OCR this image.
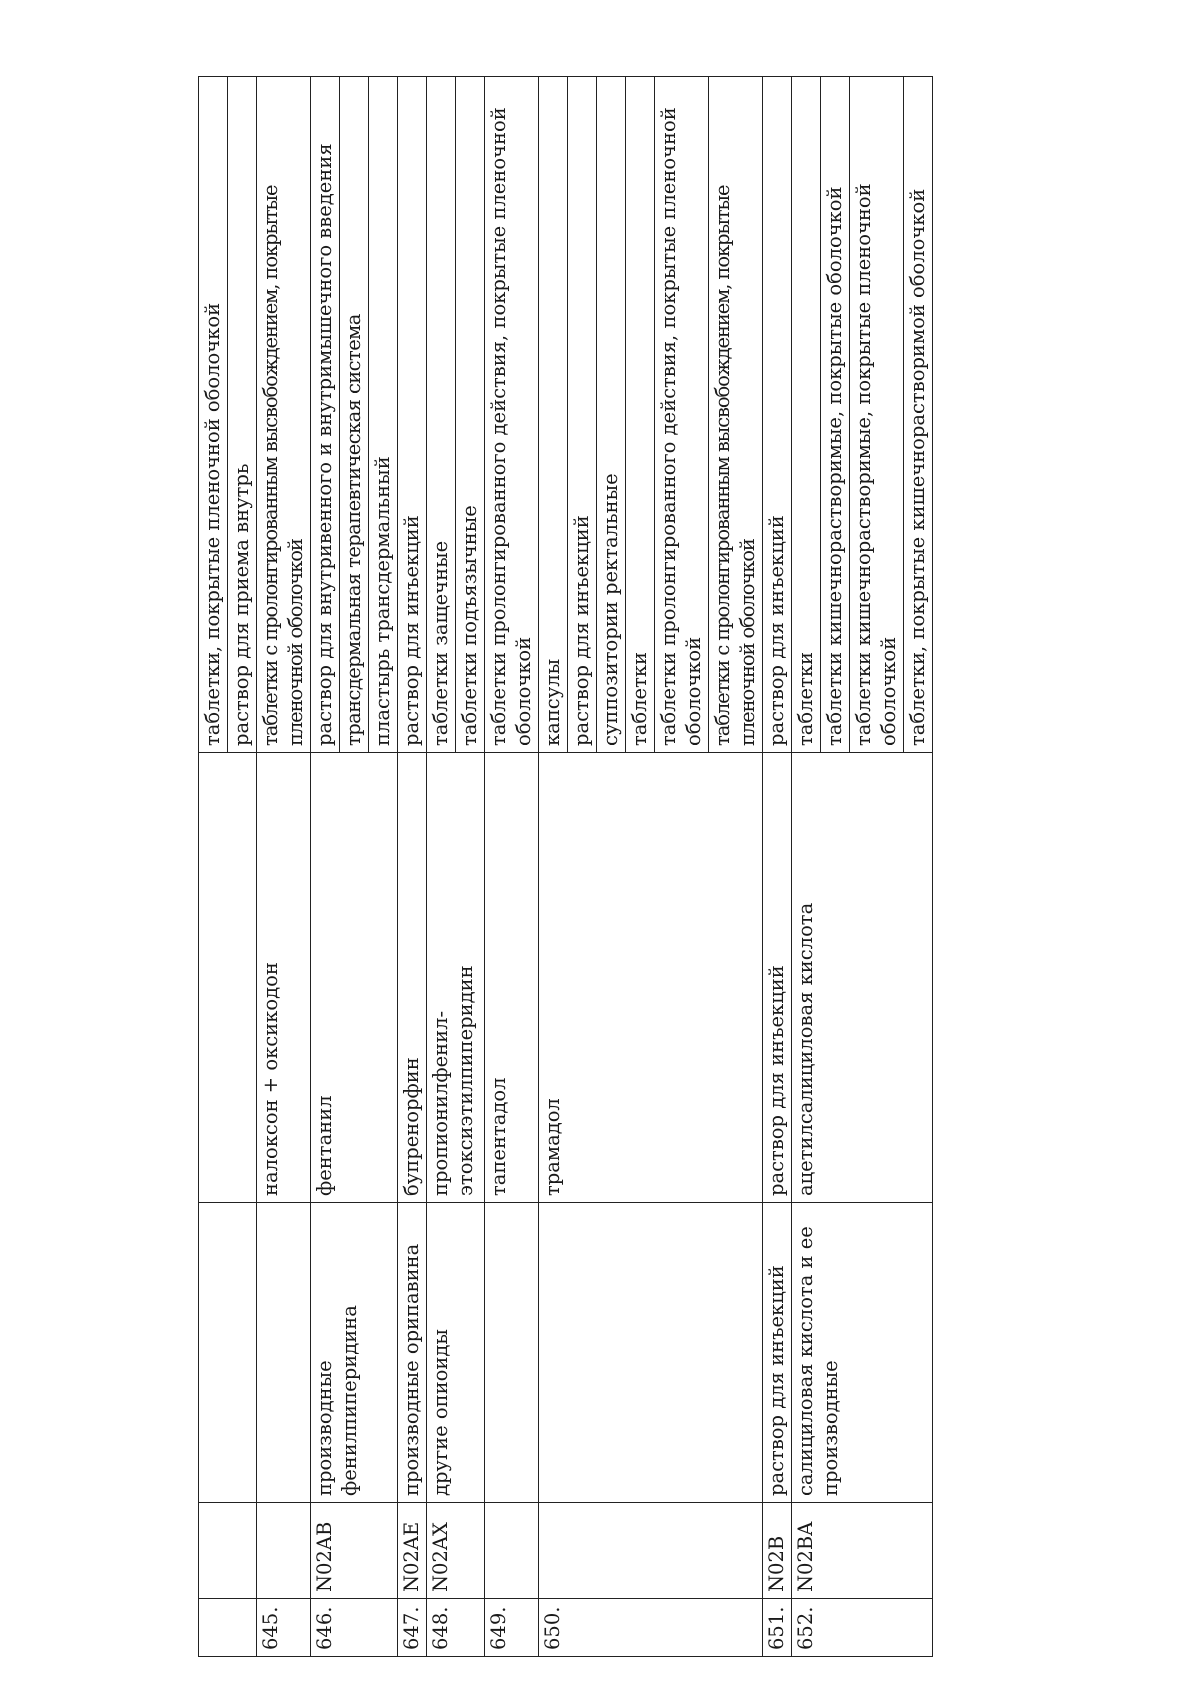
				таблетки, покрытые пленочной оболочкой
				раствор для приема внутрь
645.			налоксон + оксикодон	таблетки с пролонгированным высвобождением, покрытые пленочной оболочкой
646.	N02AB	производные фенилпиперидина	фентанил	раствор для внутривенного и внутримышечного введения
				трансдермальная терапевтическая система
				пластырь трансдермальный
647.	N02AE	производные орипавина	бупренорфин	раствор для инъекций
648.	N02AX	другие опиоиды	пропионилфенил-этоксиэтилпиперидин	таблетки защечные
				таблетки подъязычные
649.			тапентадол	таблетки пролонгированного действия, покрытые пленочной оболочкой
650.			трамадол	капсулы
				раствор для инъекций
				суппозитории ректальные
				таблетки
				таблетки пролонгированного действия, покрытые пленочной оболочкой
				таблетки с пролонгированным высвобождением, покрытые пленочной оболочкой
651.	N02B	раствор для инъекций	раствор для инъекций	раствор для инъекций
652.	N02BA	салициловая кислота и ее производные	ацетилсалициловая кислота	таблетки
				таблетки кишечнорастворимые, покрытые оболочкой
				таблетки кишечнорастворимые, покрытые пленочной оболочкой
				таблетки, покрытые кишечнорастворимой оболочкой
